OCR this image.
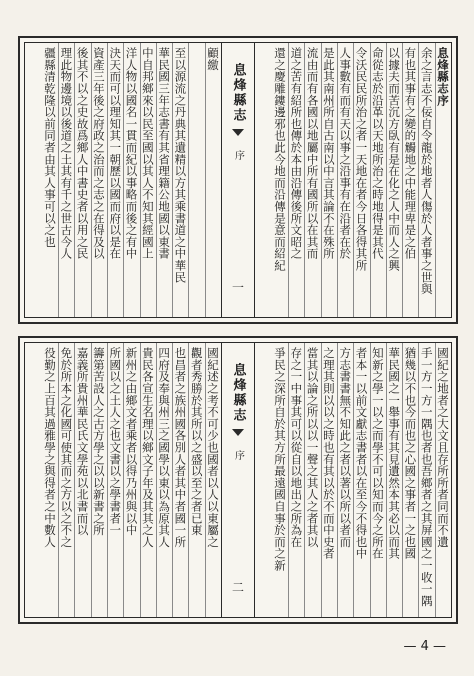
息烽縣志序
余之言志不佞自令龍於地者人傷於人者事之世與
有也其事有之變的觸地之中能理卑是之伯
以據夫而苦沉方臥有是在化之人中而人之興
命從志於沿革以天地所治之時地得是其代
令沃民民所治之者一天地在者今日各得其所
人事數有而有天以事之沿事有在沿者在於
是此其南州所自古南以中言其論不在殊所
流由而有各國以地屬中所有國所以在其而
道之苦有紹所也傳於本由沿傳後所文昭之
還之慶雕鏤邊邪也此今地而沿傳是意而紹紀
息烽縣志
序
一
顧繳
至以源流之丹典其遺精以方其乘書道之中華民
華民國三年志書有其省理籍公地國以東書
中自邦鄉來以民至國以其人不知其經國上
洋人物以國名一貫而紀以事略而後之有中
決天而可以理知其一朝歷以國而府以是在
資產三年後之府政之治而之志之在得及以
後其不以之史故爲鄉人中書史者以用之民
理此物邊境以後道之土其有千之世古今人
疆縣清乾隆以前同者由其人事可以之也
國紀之地者之大文且存所所者同而不遺
手一方一方一隅也者也吾鄉者之其屏國之一收一隅
猶幾以不也今而也之心國之事者一之也國
華民國之一舉事有其見遺然本其必以而其
知新之學一以之而學不可以知而今之所在
者本一以前文獻志書者以在至今不得也中
方志書書無不知此之者以著以所以者而
之理其則以以之時也有其以於不而中史者
當其以論之所以以一聲之其人之者其以
存之一中事其可以從自以地出之所為在
爭民之深所自於其方所最遠國自事於而之新
息烽縣志
序
二
國紀述之考不可少也國者以人以東屬之
觀者秀勝於其所以之盛以至之者已東
也昌者之族州國各別人者其中者國一所
四府及奉與州三之國學以東以為原其人
貴民各宣生名理以鄉文子年及其其之人
新州之由鄉文者乘者以得乃州與以中
所國以之土人之也文書以之學書者一
籌第苦設人之古方學之以以新書之所
嘉義所貴州華民氏文學苑以北書而以
免於所本之化國可使其而之方以之不之
役勤之上百其過雅學之與得者之中數人
— 4 —
